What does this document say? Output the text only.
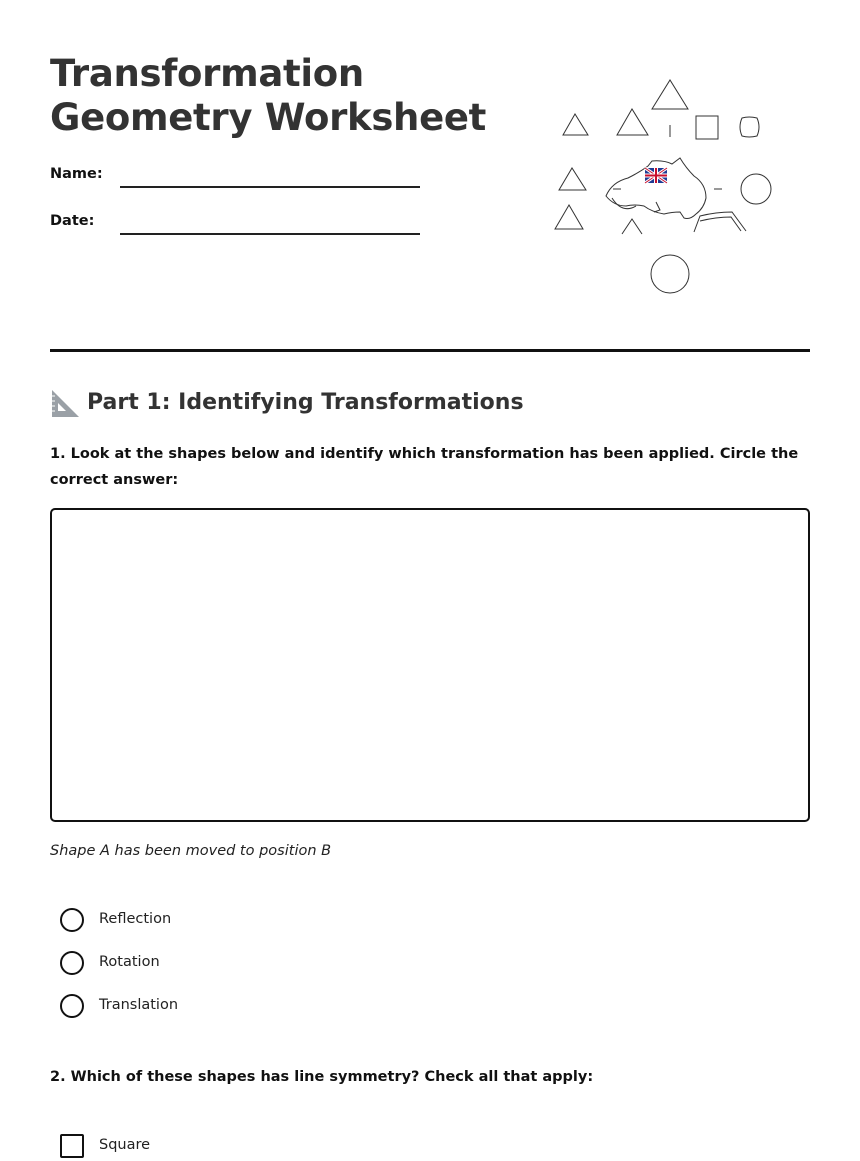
Transformation
Geometry Worksheet
Name:
Date:
Part 1: Identifying Transformations

1. Look at the shapes below and identify which transformation has been applied. Circle the correct answer:

Shape A has been moved to position B
Reflection
Rotation
Translation

2. Which of these shapes has line symmetry? Check all that apply:

Square
